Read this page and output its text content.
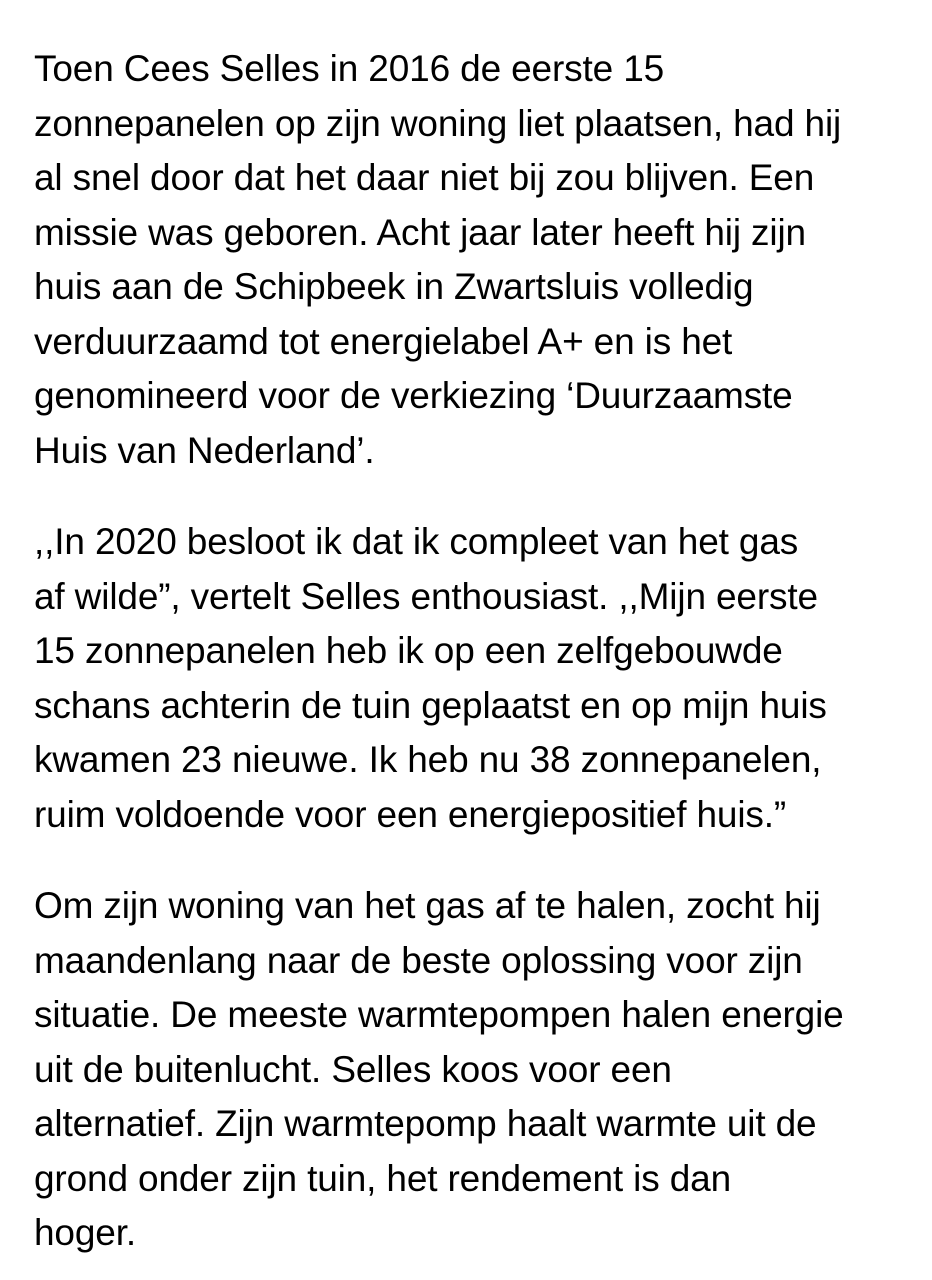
Toen Cees Selles in 2016 de eerste 15
zonnepanelen op zijn woning liet plaatsen, had hij
al snel door dat het daar niet bij zou blijven. Een
missie was geboren. Acht jaar later heeft hij zijn
huis aan de Schipbeek in Zwartsluis volledig
verduurzaamd tot energielabel A+ en is het
genomineerd voor de verkiezing ‘Duurzaamste
Huis van Nederland’.

,,In 2020 besloot ik dat ik compleet van het gas
af wilde”, vertelt Selles enthousiast. ,,Mijn eerste
15 zonnepanelen heb ik op een zelfgebouwde
schans achterin de tuin geplaatst en op mijn huis
kwamen 23 nieuwe. Ik heb nu 38 zonnepanelen,
ruim voldoende voor een energiepositief huis.”

Om zijn woning van het gas af te halen, zocht hij
maandenlang naar de beste oplossing voor zijn
situatie. De meeste warmtepompen halen energie
uit de buitenlucht. Selles koos voor een
alternatief. Zijn warmtepomp haalt warmte uit de
grond onder zijn tuin, het rendement is dan
hoger.
